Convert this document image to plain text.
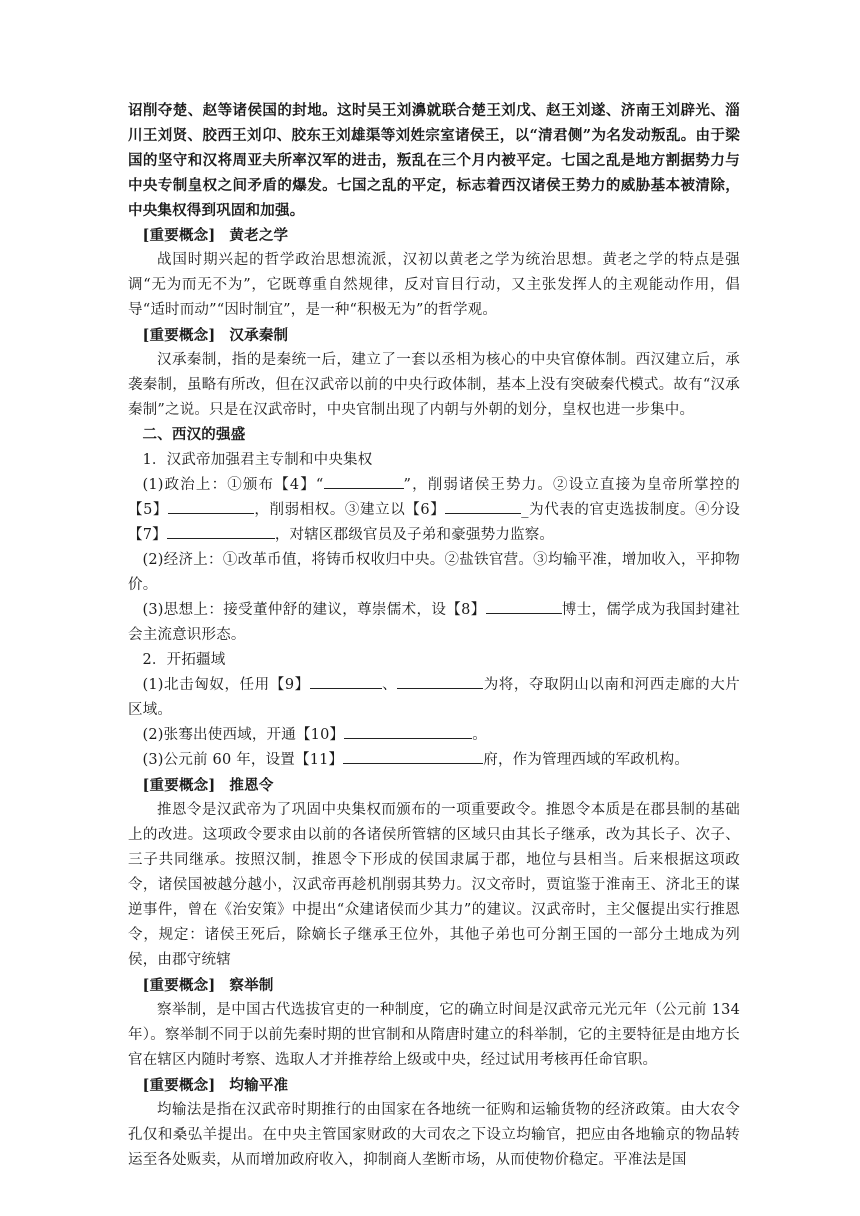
诏削夺楚、赵等诸侯国的封地。这时吴王刘濞就联合楚王刘戊、赵王刘遂、济南王刘辟光、淄川王刘贤、胶西王刘卬、胶东王刘雄渠等刘姓宗室诸侯王，以“清君侧”为名发动叛乱。由于梁国的坚守和汉将周亚夫所率汉军的进击，叛乱在三个月内被平定。七国之乱是地方割据势力与中央专制皇权之间矛盾的爆发。七国之乱的平定，标志着西汉诸侯王势力的威胁基本被清除，中央集权得到巩固和加强。

[重要概念] 黄老之学

战国时期兴起的哲学政治思想流派，汉初以黄老之学为统治思想。黄老之学的特点是强调“无为而无不为”，它既尊重自然规律，反对盲目行动，又主张发挥人的主观能动作用，倡导“适时而动”“因时制宜”，是一种“积极无为”的哲学观。

[重要概念] 汉承秦制

汉承秦制，指的是秦统一后，建立了一套以丞相为核心的中央官僚体制。西汉建立后，承袭秦制，虽略有所改，但在汉武帝以前的中央行政体制，基本上没有突破秦代模式。故有“汉承秦制”之说。只是在汉武帝时，中央官制出现了内朝与外朝的划分，皇权也进一步集中。

二、西汉的强盛

1．汉武帝加强君主专制和中央集权

(1)政治上：①颁布【4】“	”，削弱诸侯王势力。②设立直接为皇帝所掌控的【5】	，削弱相权。③建立以【6】	_为代表的官吏选拔制度。④分设【7】	，对辖区郡级官员及子弟和豪强势力监察。

(2)经济上：①改革币值，将铸币权收归中央。②盐铁官营。③均输平准，增加收入，平抑物价。

(3)思想上：接受董仲舒的建议，尊崇儒术，设【8】	博士，儒学成为我国封建社会主流意识形态。

2．开拓疆域

(1)北击匈奴，任用【9】	、	为将，夺取阴山以南和河西走廊的大片区域。

(2)张骞出使西域，开通【10】	。

(3)公元前 60 年，设置【11】	府，作为管理西域的军政机构。

[重要概念] 推恩令

推恩令是汉武帝为了巩固中央集权而颁布的一项重要政令。推恩令本质是在郡县制的基础上的改进。这项政令要求由以前的各诸侯所管辖的区域只由其长子继承，改为其长子、次子、三子共同继承。按照汉制，推恩令下形成的侯国隶属于郡，地位与县相当。后来根据这项政令，诸侯国被越分越小，汉武帝再趁机削弱其势力。汉文帝时，贾谊鉴于淮南王、济北王的谋逆事件，曾在《治安策》中提出“众建诸侯而少其力”的建议。汉武帝时，主父偃提出实行推恩令，规定：诸侯王死后，除嫡长子继承王位外，其他子弟也可分割王国的一部分土地成为列侯，由郡守统辖

[重要概念] 察举制

察举制，是中国古代选拔官吏的一种制度，它的确立时间是汉武帝元光元年（公元前 134 年）。察举制不同于以前先秦时期的世官制和从隋唐时建立的科举制，它的主要特征是由地方长官在辖区内随时考察、选取人才并推荐给上级或中央，经过试用考核再任命官职。

[重要概念] 均输平准

均输法是指在汉武帝时期推行的由国家在各地统一征购和运输货物的经济政策。由大农令孔仅和桑弘羊提出。在中央主管国家财政的大司农之下设立均输官，把应由各地输京的物品转运至各处贩卖，从而增加政府收入，抑制商人垄断市场，从而使物价稳定。平准法是国
